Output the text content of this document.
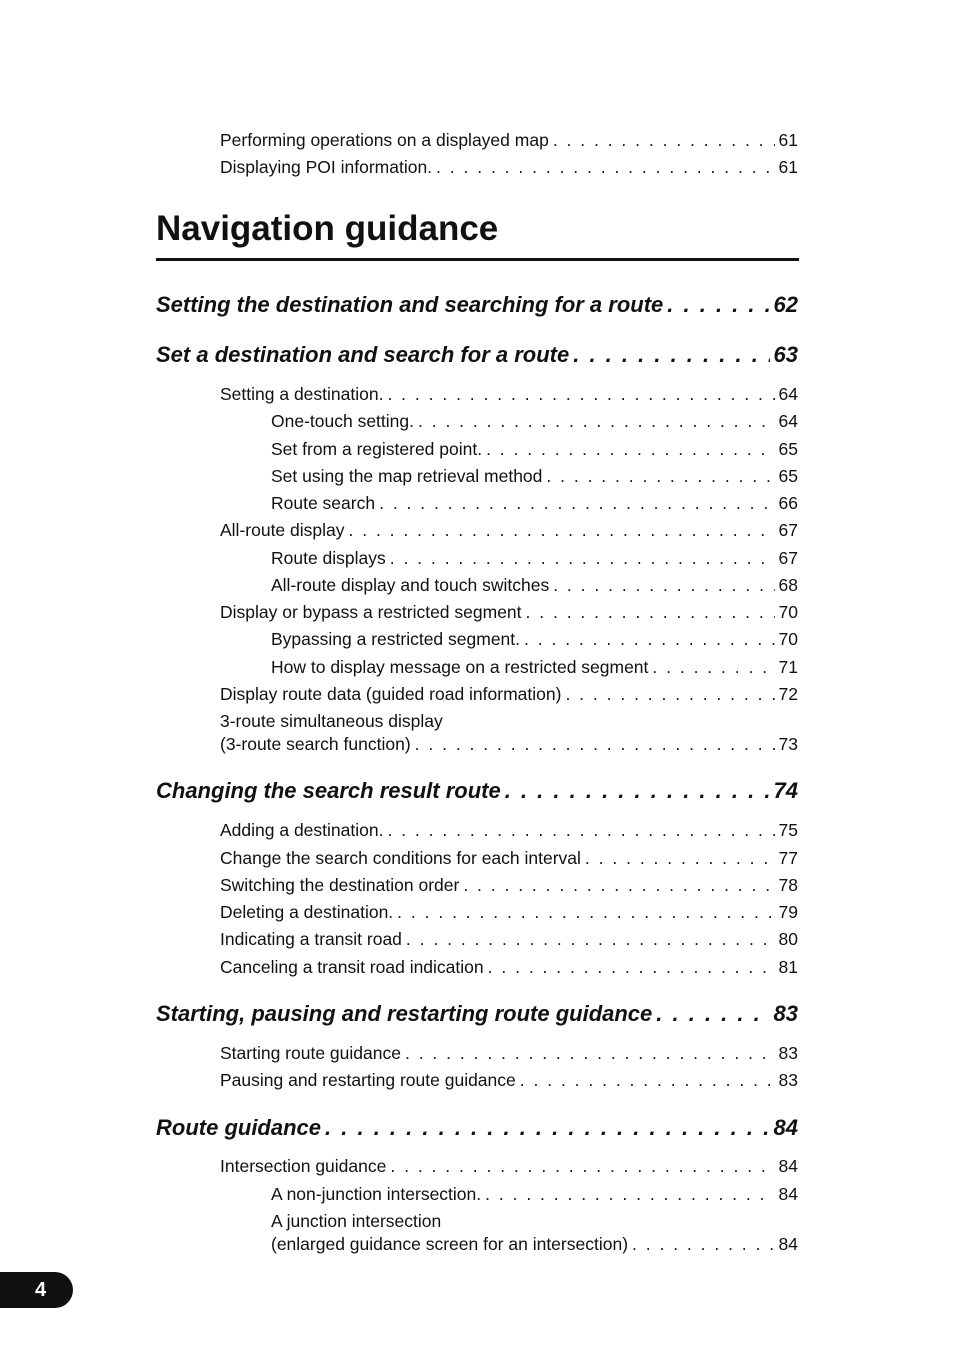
Performing operations on a displayed map . . .	61
Displaying POI information. . . .	61
Navigation guidance
Setting the destination and searching for a route . . .	62
Set a destination and search for a route . . .	63
Setting a destination. . . .	64
One-touch setting. . . .	64
Set from a registered point. . . .	65
Set using the map retrieval method . . .	65
Route search . . .	66
All-route display . . .	67
Route displays . . .	67
All-route display and touch switches . . .	68
Display or bypass a restricted segment . . .	70
Bypassing a restricted segment. . . .	70
How to display message on a restricted segment . . .	71
Display route data (guided road information) . . .	72
3-route simultaneous display
(3-route search function) . . .	73
Changing the search result route . . .	74
Adding a destination. . . .	75
Change the search conditions for each interval . . .	77
Switching the destination order . . .	78
Deleting a destination. . . .	79
Indicating a transit road . . .	80
Canceling a transit road indication . . .	81
Starting, pausing and restarting route guidance . . .	83
Starting route guidance . . .	83
Pausing and restarting route guidance . . .	83
Route guidance . . .	84
Intersection guidance . . .	84
A non-junction intersection. . . .	84
A junction intersection
(enlarged guidance screen for an intersection) . . .	84
4
